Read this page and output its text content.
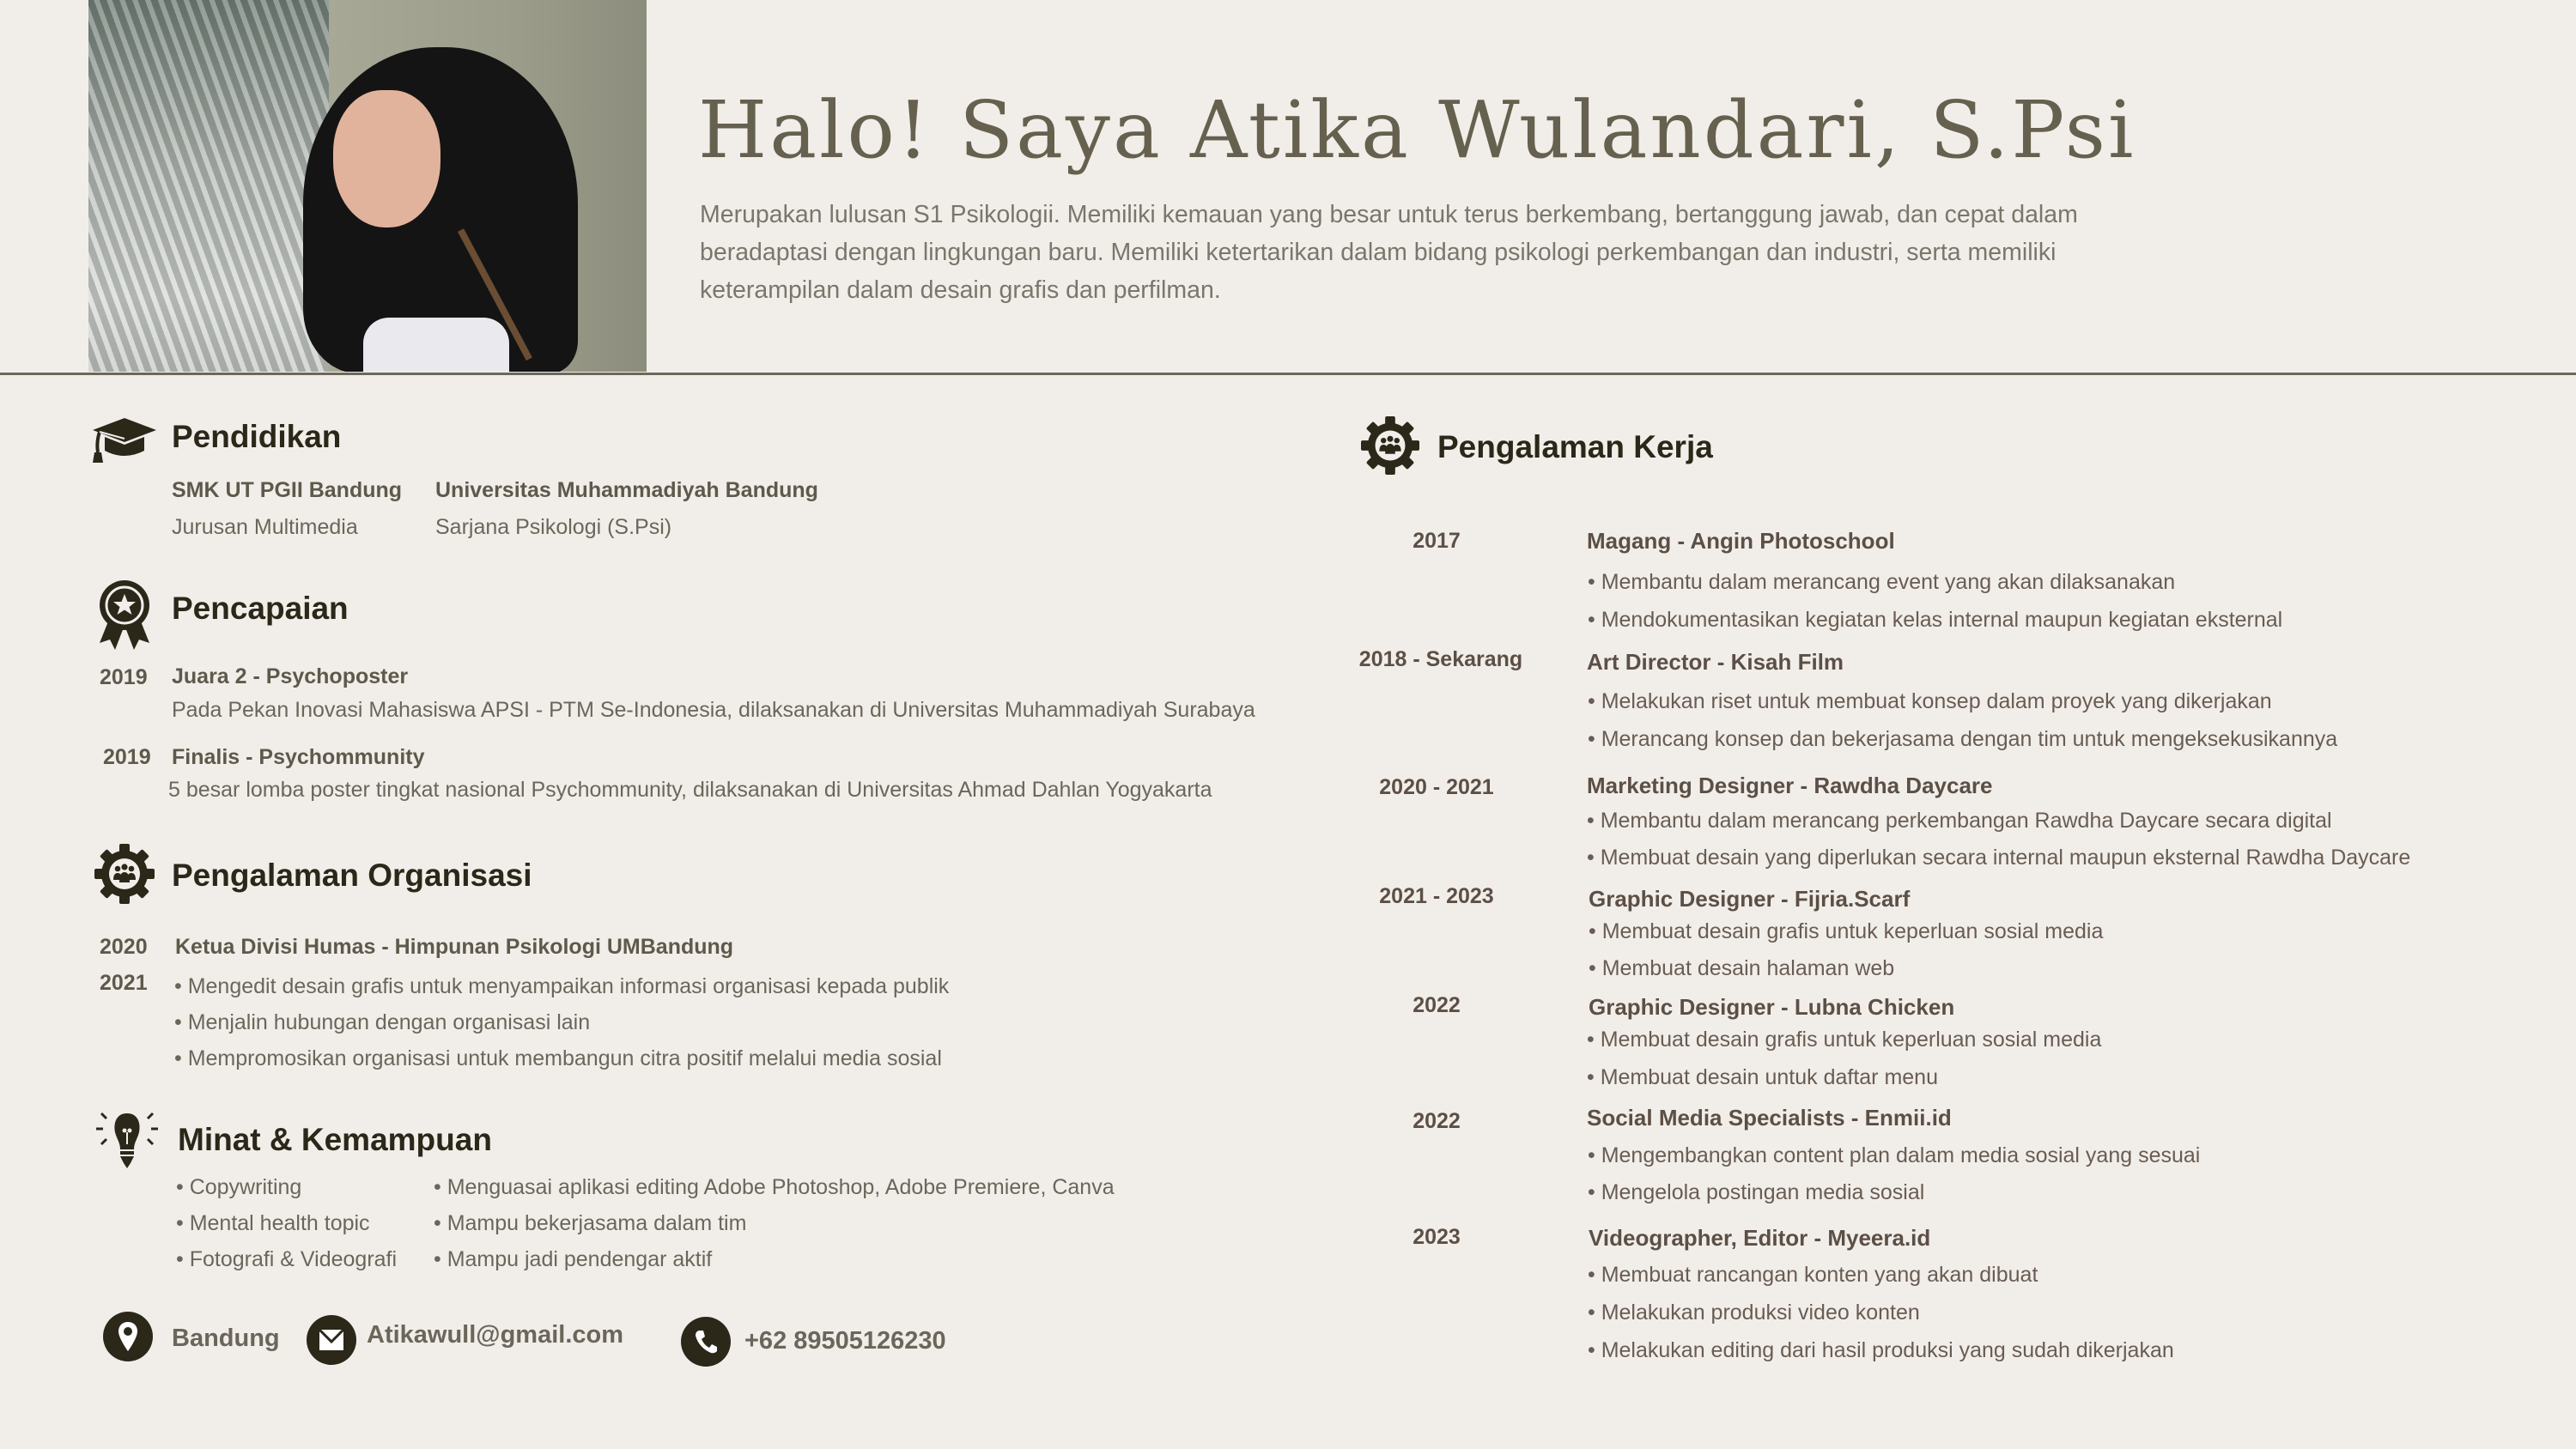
Halo! Saya Atika Wulandari, S.Psi
Merupakan lulusan S1 Psikologii. Memiliki kemauan yang besar untuk terus berkembang, bertanggung jawab, dan cepat dalam
beradaptasi dengan lingkungan baru. Memiliki ketertarikan dalam bidang psikologi perkembangan dan industri, serta memiliki
keterampilan dalam desain grafis dan perfilman.
Pendidikan
SMK UT PGII Bandung
Jurusan Multimedia
Universitas Muhammadiyah Bandung
Sarjana Psikologi (S.Psi)
Pencapaian
2019 Juara 2 - Psychoposter
Pada Pekan Inovasi Mahasiswa APSI - PTM Se-Indonesia, dilaksanakan di Universitas Muhammadiyah Surabaya
2019 Finalis - Psychommunity
5 besar lomba poster tingkat nasional Psychommunity, dilaksanakan di Universitas Ahmad Dahlan Yogyakarta
Pengalaman Organisasi
2020
2021
Ketua Divisi Humas - Himpunan Psikologi UMBandung
• Mengedit desain grafis untuk menyampaikan informasi organisasi kepada publik
• Menjalin hubungan dengan organisasi lain
• Mempromosikan organisasi untuk membangun citra positif melalui media sosial
Minat & Kemampuan
• Copywriting
• Mental health topic
• Fotografi & Videografi
• Menguasai aplikasi editing Adobe Photoshop, Adobe Premiere, Canva
• Mampu bekerjasama dalam tim
• Mampu jadi pendengar aktif
Bandung	Atikawull@gmail.com	+62 89505126230
Pengalaman Kerja
2017	Magang - Angin Photoschool
• Membantu dalam merancang event yang akan dilaksanakan
• Mendokumentasikan kegiatan kelas internal maupun kegiatan eksternal
2018 - Sekarang	Art Director - Kisah Film
• Melakukan riset untuk membuat konsep dalam proyek yang dikerjakan
• Merancang konsep dan bekerjasama dengan tim untuk mengeksekusikannya
2020 - 2021	Marketing Designer - Rawdha Daycare
• Membantu dalam merancang perkembangan Rawdha Daycare secara digital
• Membuat desain yang diperlukan secara internal maupun eksternal Rawdha Daycare
2021 - 2023	Graphic Designer - Fijria.Scarf
• Membuat desain grafis untuk keperluan sosial media
• Membuat desain halaman web
2022	Graphic Designer - Lubna Chicken
• Membuat desain grafis untuk keperluan sosial media
• Membuat desain untuk daftar menu
2022	Social Media Specialists - Enmii.id
• Mengembangkan content plan dalam media sosial yang sesuai
• Mengelola postingan media sosial
2023	Videographer, Editor - Myeera.id
• Membuat rancangan konten yang akan dibuat
• Melakukan produksi video konten
• Melakukan editing dari hasil produksi yang sudah dikerjakan
